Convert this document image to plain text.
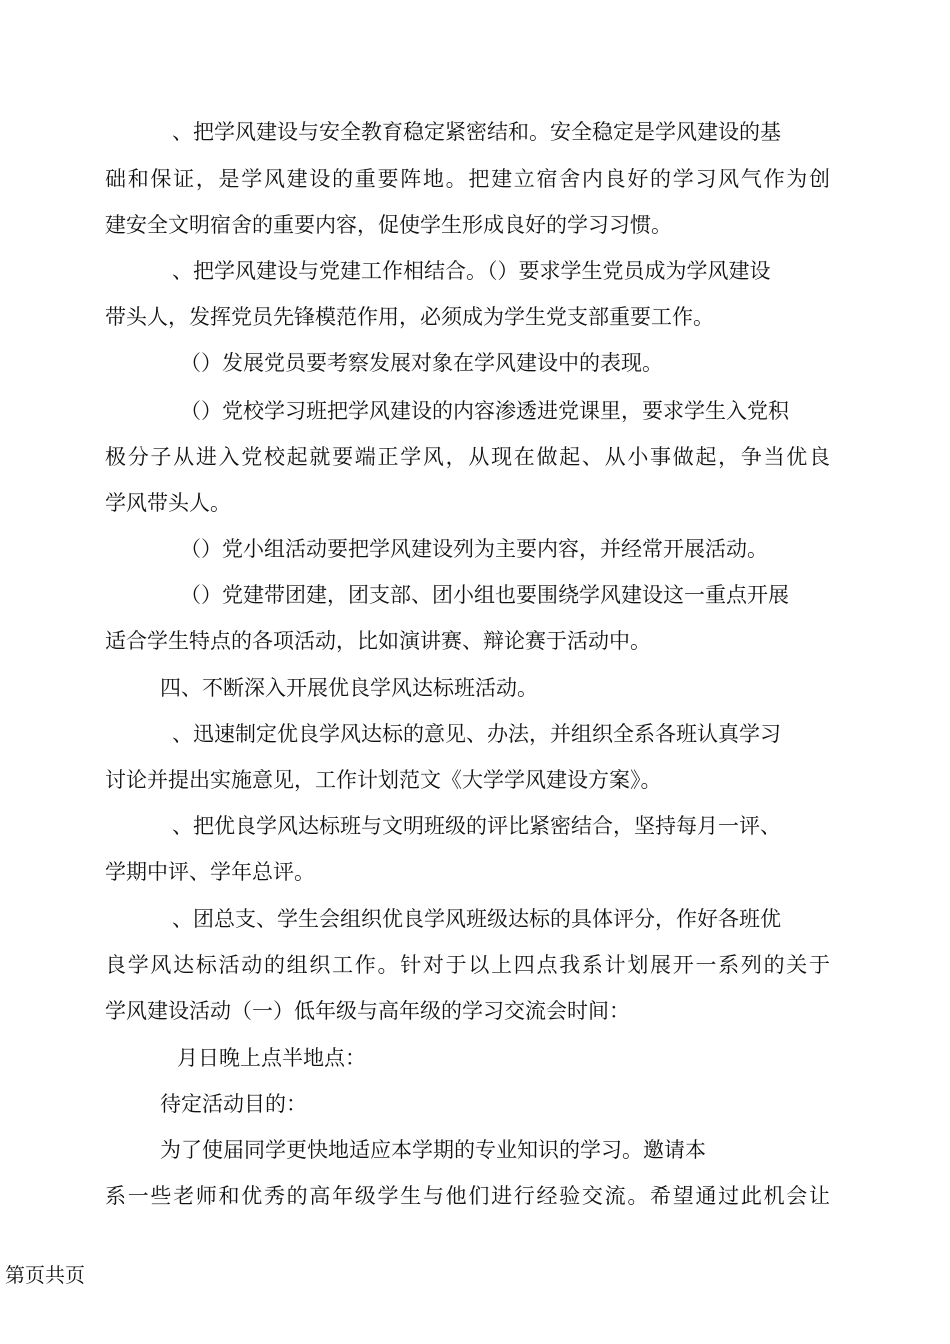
、把学风建设与安全教育稳定紧密结和。安全稳定是学风建设的基
础和保证，是学风建设的重要阵地。把建立宿舍内良好的学习风气作为创
建安全文明宿舍的重要内容，促使学生形成良好的学习习惯。
、把学风建设与党建工作相结合。（）要求学生党员成为学风建设
带头人，发挥党员先锋模范作用，必须成为学生党支部重要工作。
（）发展党员要考察发展对象在学风建设中的表现。
（）党校学习班把学风建设的内容渗透进党课里，要求学生入党积
极分子从进入党校起就要端正学风，从现在做起、从小事做起，争当优良
学风带头人。
（）党小组活动要把学风建设列为主要内容，并经常开展活动。
（）党建带团建，团支部、团小组也要围绕学风建设这一重点开展
适合学生特点的各项活动，比如演讲赛、辩论赛于活动中。
四、不断深入开展优良学风达标班活动。
、迅速制定优良学风达标的意见、办法，并组织全系各班认真学习
讨论并提出实施意见，工作计划范文《大学学风建设方案》。
、把优良学风达标班与文明班级的评比紧密结合，坚持每月一评、
学期中评、学年总评。
、团总支、学生会组织优良学风班级达标的具体评分，作好各班优
良学风达标活动的组织工作。针对于以上四点我系计划展开一系列的关于
学风建设活动（一）低年级与高年级的学习交流会时间：
月日晚上点半地点：
待定活动目的：
为了使届同学更快地适应本学期的专业知识的学习。邀请本
系一些老师和优秀的高年级学生与他们进行经验交流。希望通过此机会让
第页共页
